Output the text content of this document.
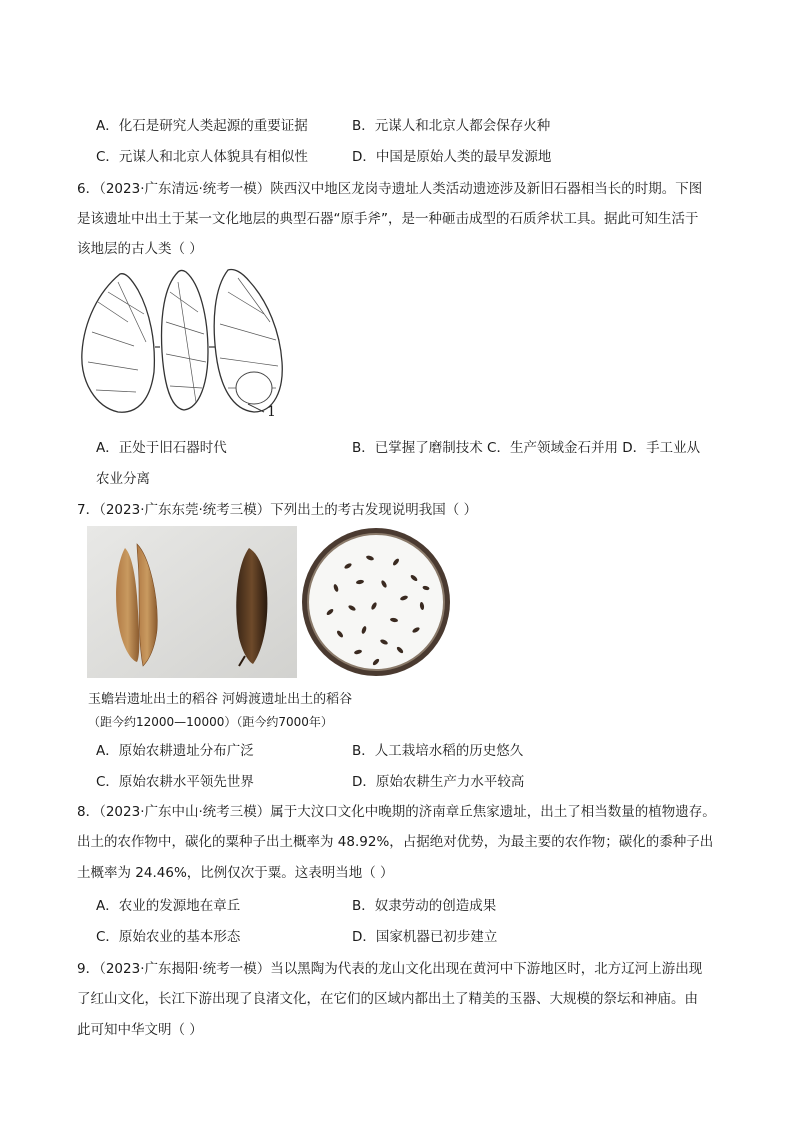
A．化石是研究人类起源的重要证据	B．元谋人和北京人都会保存火种
C．元谋人和北京人体貌具有相似性	D．中国是原始人类的最早发源地
6．（2023·广东清远·统考一模）陕西汉中地区龙岗寺遗址人类活动遗迹涉及新旧石器相当长的时期。下图
是该遗址中出土于某一文化地层的典型石器“原手斧”，是一种砸击成型的石质斧状工具。据此可知生活于
该地层的古人类（ ）
1
A．正处于旧石器时代	B．已掌握了磨制技术 C．生产领域金石并用 D．手工业从
农业分离
7．（2023·广东东莞·统考三模）下列出土的考古发现说明我国（ ）
玉蟾岩遗址出土的稻谷 河姆渡遗址出土的稻谷
（距今约12000—10000）（距今约7000年）
A．原始农耕遗址分布广泛	B．人工栽培水稻的历史悠久
C．原始农耕水平领先世界	D．原始农耕生产力水平较高
8．（2023·广东中山·统考三模）属于大汶口文化中晚期的济南章丘焦家遗址，出土了相当数量的植物遗存。
出土的农作物中，碳化的粟种子出土概率为 48.92%，占据绝对优势，为最主要的农作物；碳化的黍种子出
土概率为 24.46%，比例仅次于粟。这表明当地（ ）
A．农业的发源地在章丘	B．奴隶劳动的创造成果
C．原始农业的基本形态	D．国家机器已初步建立
9．（2023·广东揭阳·统考一模）当以黑陶为代表的龙山文化出现在黄河中下游地区时，北方辽河上游出现
了红山文化，长江下游出现了良渚文化，在它们的区域内都出土了精美的玉器、大规模的祭坛和神庙。由
此可知中华文明（ ）
